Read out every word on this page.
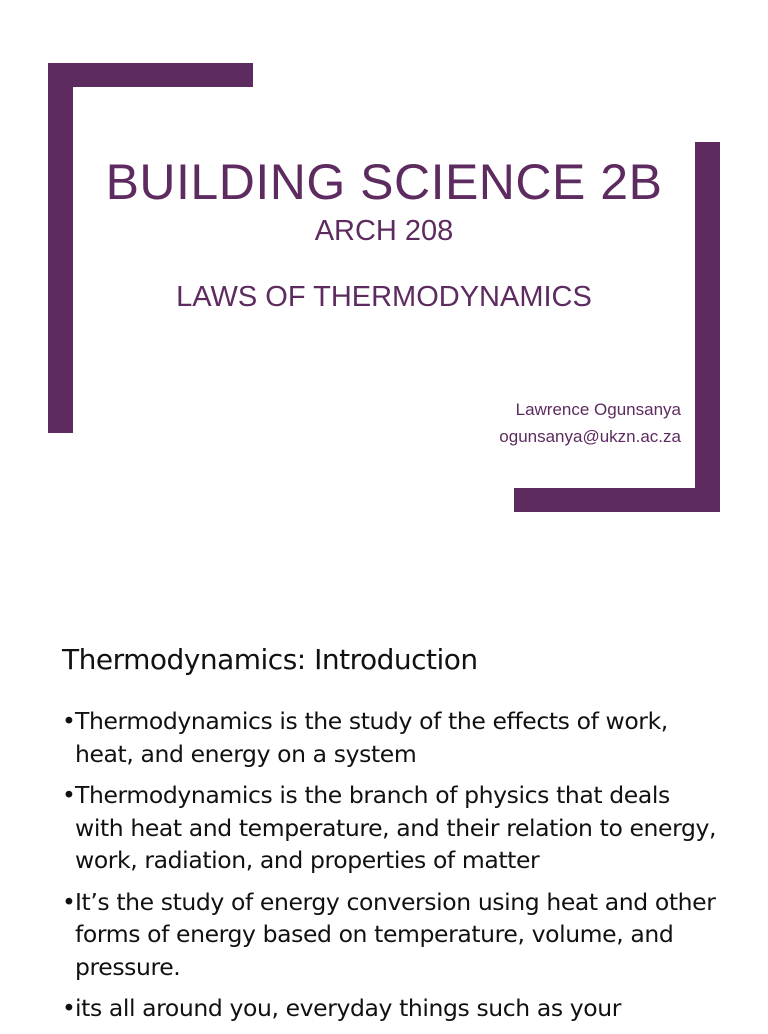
BUILDING SCIENCE 2B
ARCH 208
LAWS OF THERMODYNAMICS
Lawrence Ogunsanya
ogunsanya@ukzn.ac.za
Thermodynamics: Introduction
• Thermodynamics is the study of the effects of work, heat, and energy on a system
• Thermodynamics is the branch of physics that deals with heat and temperature, and their relation to energy, work, radiation, and properties of matter
• It’s the study of energy conversion using heat and other forms of energy based on temperature, volume, and pressure.
• its all around you, everyday things such as your
